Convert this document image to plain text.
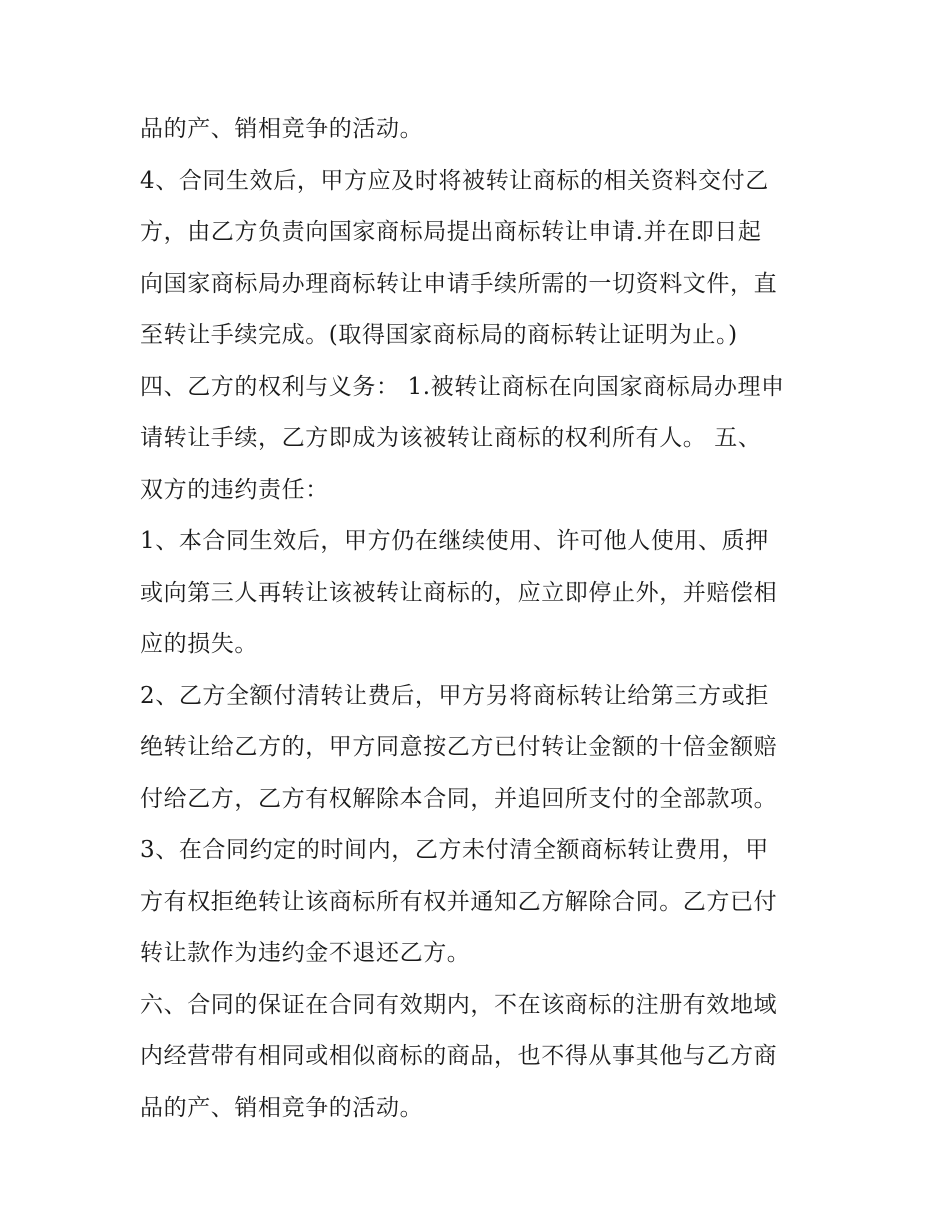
品的产、销相竞争的活动。
4、合同生效后，甲方应及时将被转让商标的相关资料交付乙
方，由乙方负责向国家商标局提出商标转让申请.并在即日起
向国家商标局办理商标转让申请手续所需的一切资料文件，直
至转让手续完成。(取得国家商标局的商标转让证明为止。)
四、乙方的权利与义务： 1.被转让商标在向国家商标局办理申
请转让手续，乙方即成为该被转让商标的权利所有人。 五、
双方的违约责任：
1、本合同生效后，甲方仍在继续使用、许可他人使用、质押
或向第三人再转让该被转让商标的，应立即停止外，并赔偿相
应的损失。
2、乙方全额付清转让费后，甲方另将商标转让给第三方或拒
绝转让给乙方的，甲方同意按乙方已付转让金额的十倍金额赔
付给乙方，乙方有权解除本合同，并追回所支付的全部款项。
3、在合同约定的时间内，乙方未付清全额商标转让费用，甲
方有权拒绝转让该商标所有权并通知乙方解除合同。乙方已付
转让款作为违约金不退还乙方。
六、合同的保证在合同有效期内，不在该商标的注册有效地域
内经营带有相同或相似商标的商品，也不得从事其他与乙方商
品的产、销相竞争的活动。
